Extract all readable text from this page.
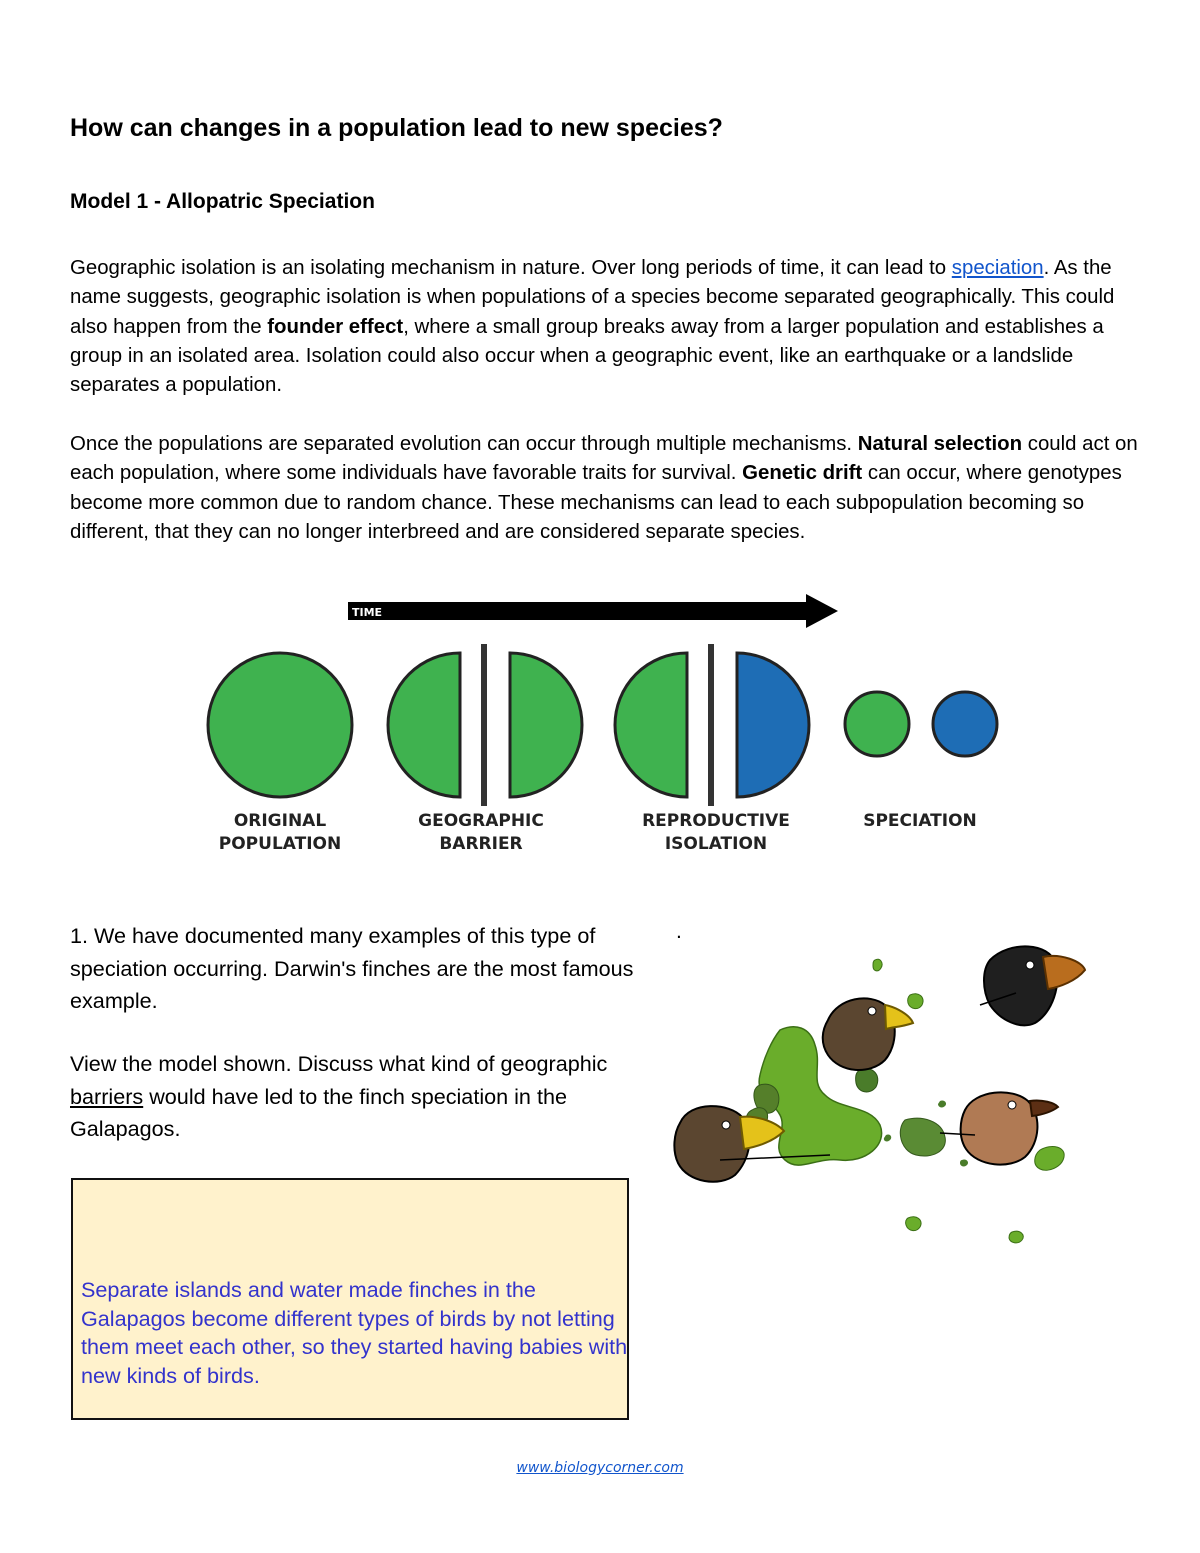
How can changes in a population lead to new species?
Model 1 - Allopatric Speciation
Geographic isolation is an isolating mechanism in nature. Over long periods of time, it can lead to speciation. As the name suggests, geographic isolation is when populations of a species become separated geographically. This could also happen from the founder effect, where a small group breaks away from a larger population and establishes a group in an isolated area. Isolation could also occur when a geographic event, like an earthquake or a landslide separates a population.
Once the populations are separated evolution can occur through multiple mechanisms. Natural selection could act on each population, where some individuals have favorable traits for survival. Genetic drift can occur, where genotypes become more common due to random chance. These mechanisms can lead to each subpopulation becoming so different, that they can no longer interbreed and are considered separate species.
TIME
ORIGINAL
POPULATION
GEOGRAPHIC
BARRIER
REPRODUCTIVE
ISOLATION
SPECIATION
1. We have documented many examples of this type of speciation occurring. Darwin's finches are the most famous example.
.
View the model shown. Discuss what kind of geographic barriers would have led to the finch speciation in the Galapagos.
Separate islands and water made finches in the Galapagos become different types of birds by not letting them meet each other, so they started having babies with new kinds of birds.
www.biologycorner.com
